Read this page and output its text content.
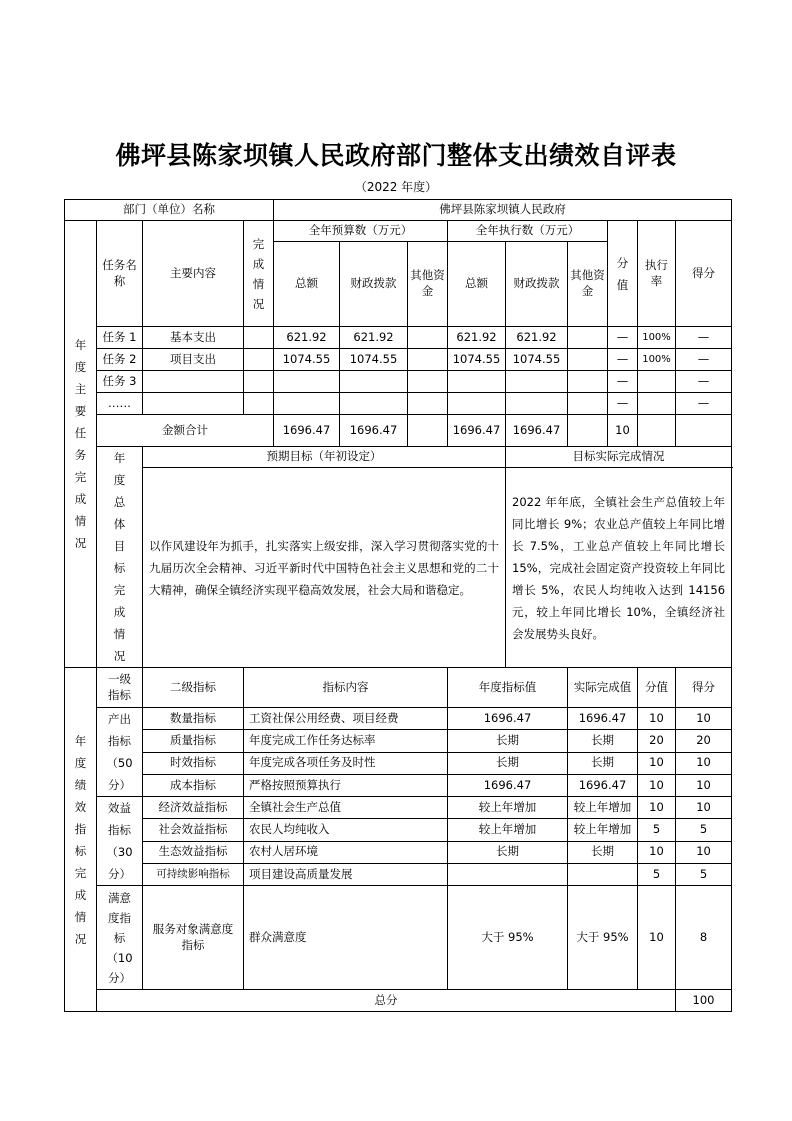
佛坪县陈家坝镇人民政府部门整体支出绩效自评表
（2022 年度）
部门（单位）名称				佛坪县陈家坝镇人民政府									
年度主要任务完成情况	任务名称	主要内容	完成情况	全年预算数（万元）			全年执行数（万元）			分值	执行率	得分	
				总额	财政拨款	其他资金	总额	财政拨款	其他资金				
	任务 1	基本支出		621.92	621.92		621.92	621.92		—	100%	—	
	任务 2	项目支出		1074.55	1074.55		1074.55	1074.55		—	100%	—	
	任务 3									—		—	
	……									—		—	
	金额合计			1696.47	1696.47		1696.47	1696.47		10			
	年度总体目标完成情况	预期目标（年初设定）						目标实际完成情况					
		以作风建设年为抓手，扎实落实上级安排，深入学习贯彻落实党的十九届历次全会精神、习近平新时代中国特色社会主义思想和党的二十大精神，确保全镇经济实现平稳高效发展，社会大局和谐稳定。						2022 年年底，全镇社会生产总值较上年同比增长 9%；农业总产值较上年同比增长 7.5%，工业总产值较上年同比增长 15%，完成社会固定资产投资较上年同比增长 5%，农民人均纯收入达到 14156 元，较上年同比增长 10%，全镇经济社会发展势头良好。					
年度绩效指标完成情况	一级指标	二级指标	指标内容				年度指标值		实际完成值		分值	得分	
	产出指标（50分）	数量指标	工资社保公用经费、项目经费				1696.47		1696.47		10	10	
		质量指标	年度完成工作任务达标率				长期		长期		20	20	
		时效指标	年度完成各项任务及时性				长期		长期		10	10	
		成本指标	严格按照预算执行				1696.47		1696.47		10	10	
	效益指标（30分）	经济效益指标	全镇社会生产总值				较上年增加		较上年增加		10	10	
		社会效益指标	农民人均纯收入				较上年增加		较上年增加		5	5	
		生态效益指标	农村人居环境				长期		长期		10	10	
		可持续影响指标	项目建设高质量发展								5	5	
	满意度指标（10分）	服务对象满意度指标	群众满意度				大于 95%		大于 95%		10	8	
	总分											100	
